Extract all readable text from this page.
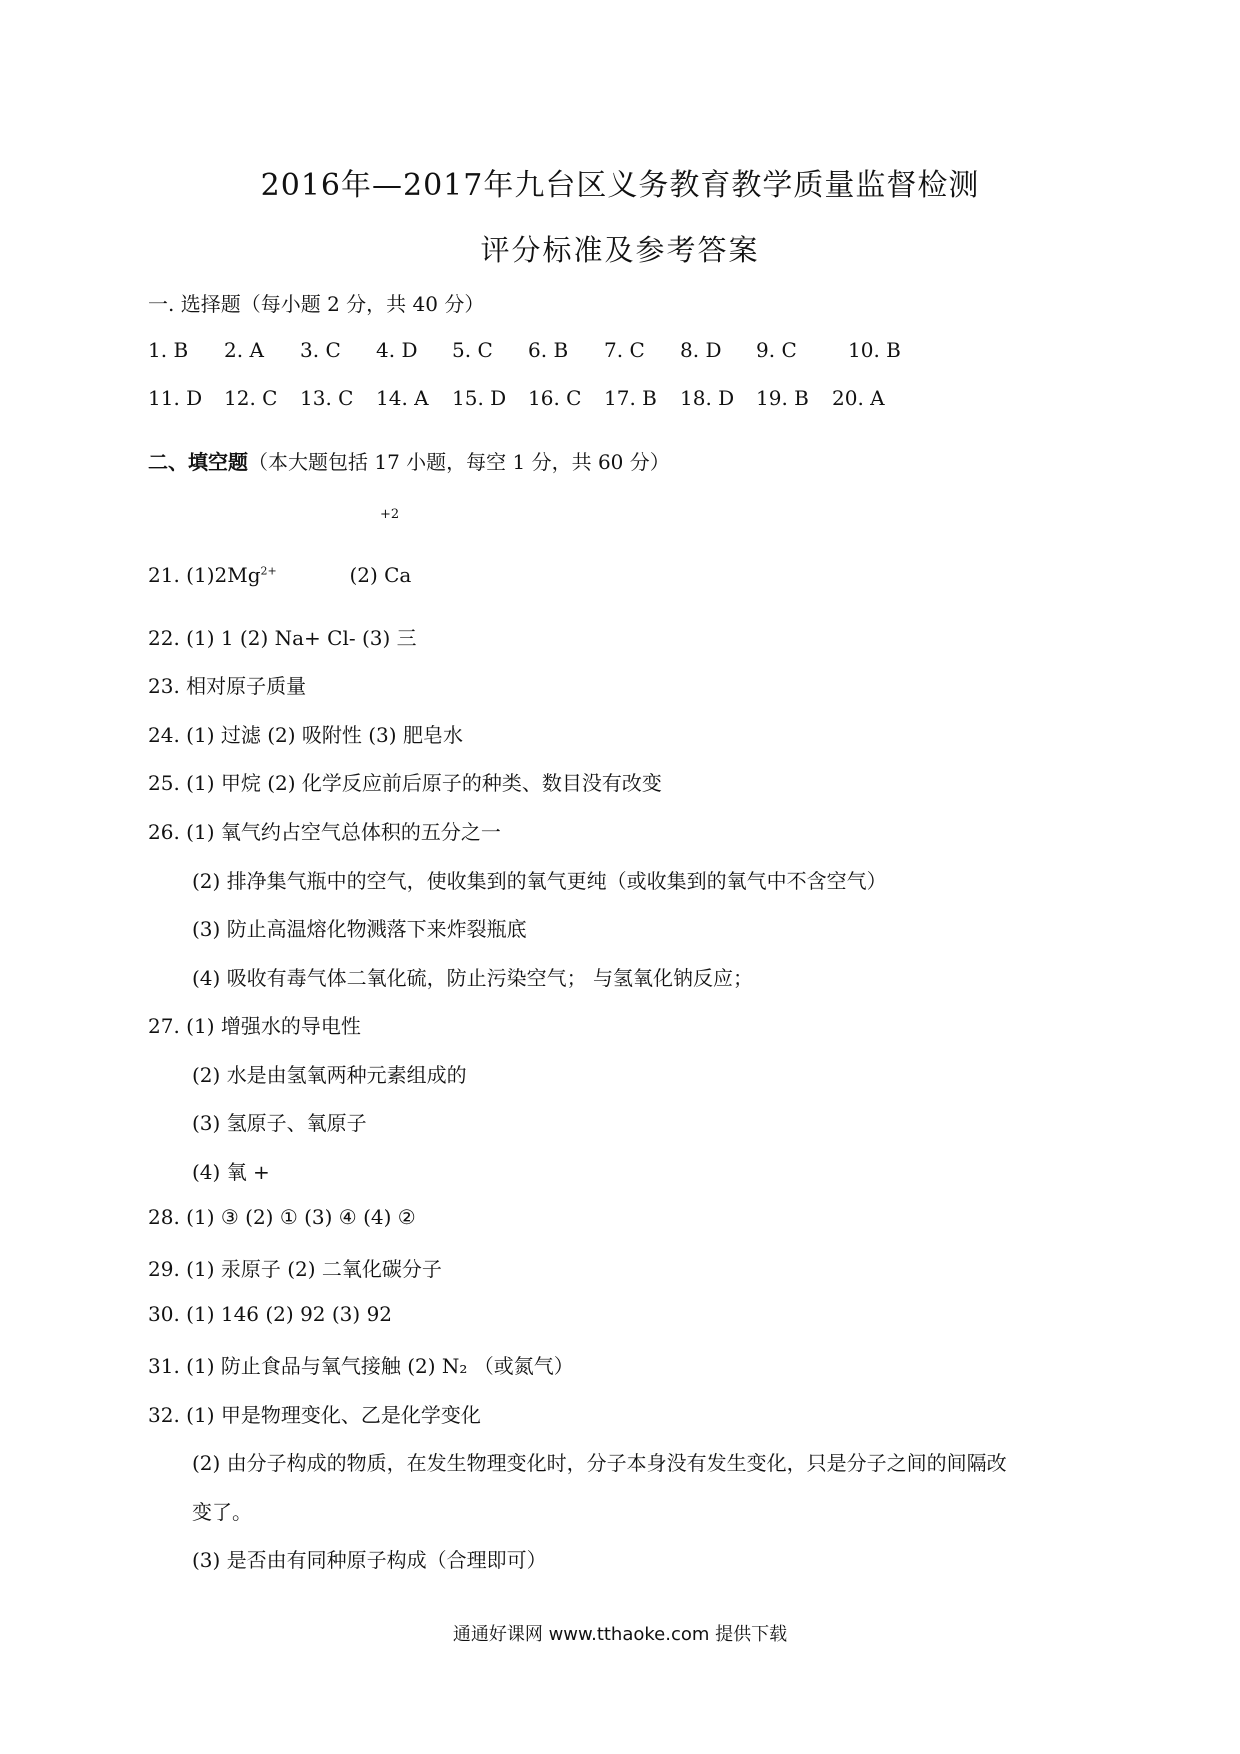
2016年—2017年九台区义务教育教学质量监督检测
评分标准及参考答案
一. 选择题（每小题 2 分，共 40 分）
1. B	2. A	3. C	4. D	5. C	6. B	7. C	8. D	9. C	10. B
11. D	12. C	13. C	14. A	15. D	16. C	17. B	18. D	19. B	20. A
二、填空题（本大题包括 17 小题，每空 1 分，共 60 分）
+2
21. $(1)2Mg^{2+}$	(2) Ca
22. (1) 1 (2) Na+ Cl- (3) 三
23. 相对原子质量
24. (1) 过滤 (2) 吸附性 (3) 肥皂水
25. (1) 甲烷 (2) 化学反应前后原子的种类、数目没有改变
26. (1) 氧气约占空气总体积的五分之一
(2) 排净集气瓶中的空气，使收集到的氧气更纯（或收集到的氧气中不含空气）
(3) 防止高温熔化物溅落下来炸裂瓶底
(4) 吸收有毒气体二氧化硫，防止污染空气； 与氢氧化钠反应；
27. (1) 增强水的导电性
(2) 水是由氢氧两种元素组成的
(3) 氢原子、氧原子
(4) 氧 +
28. (1) ③ (2) ① (3) ④ (4) ②
29. (1) 汞原子 (2) 二氧化碳分子
30. (1) 146 (2) 92 (3) 92
31. (1) 防止食品与氧气接触 (2) N₂ （或氮气）
32. (1) 甲是物理变化、乙是化学变化
(2) 由分子构成的物质，在发生物理变化时，分子本身没有发生变化，只是分子之间的间隔改
变了。
(3) 是否由有同种原子构成（合理即可）
通通好课网 www.tthaoke.com 提供下载
